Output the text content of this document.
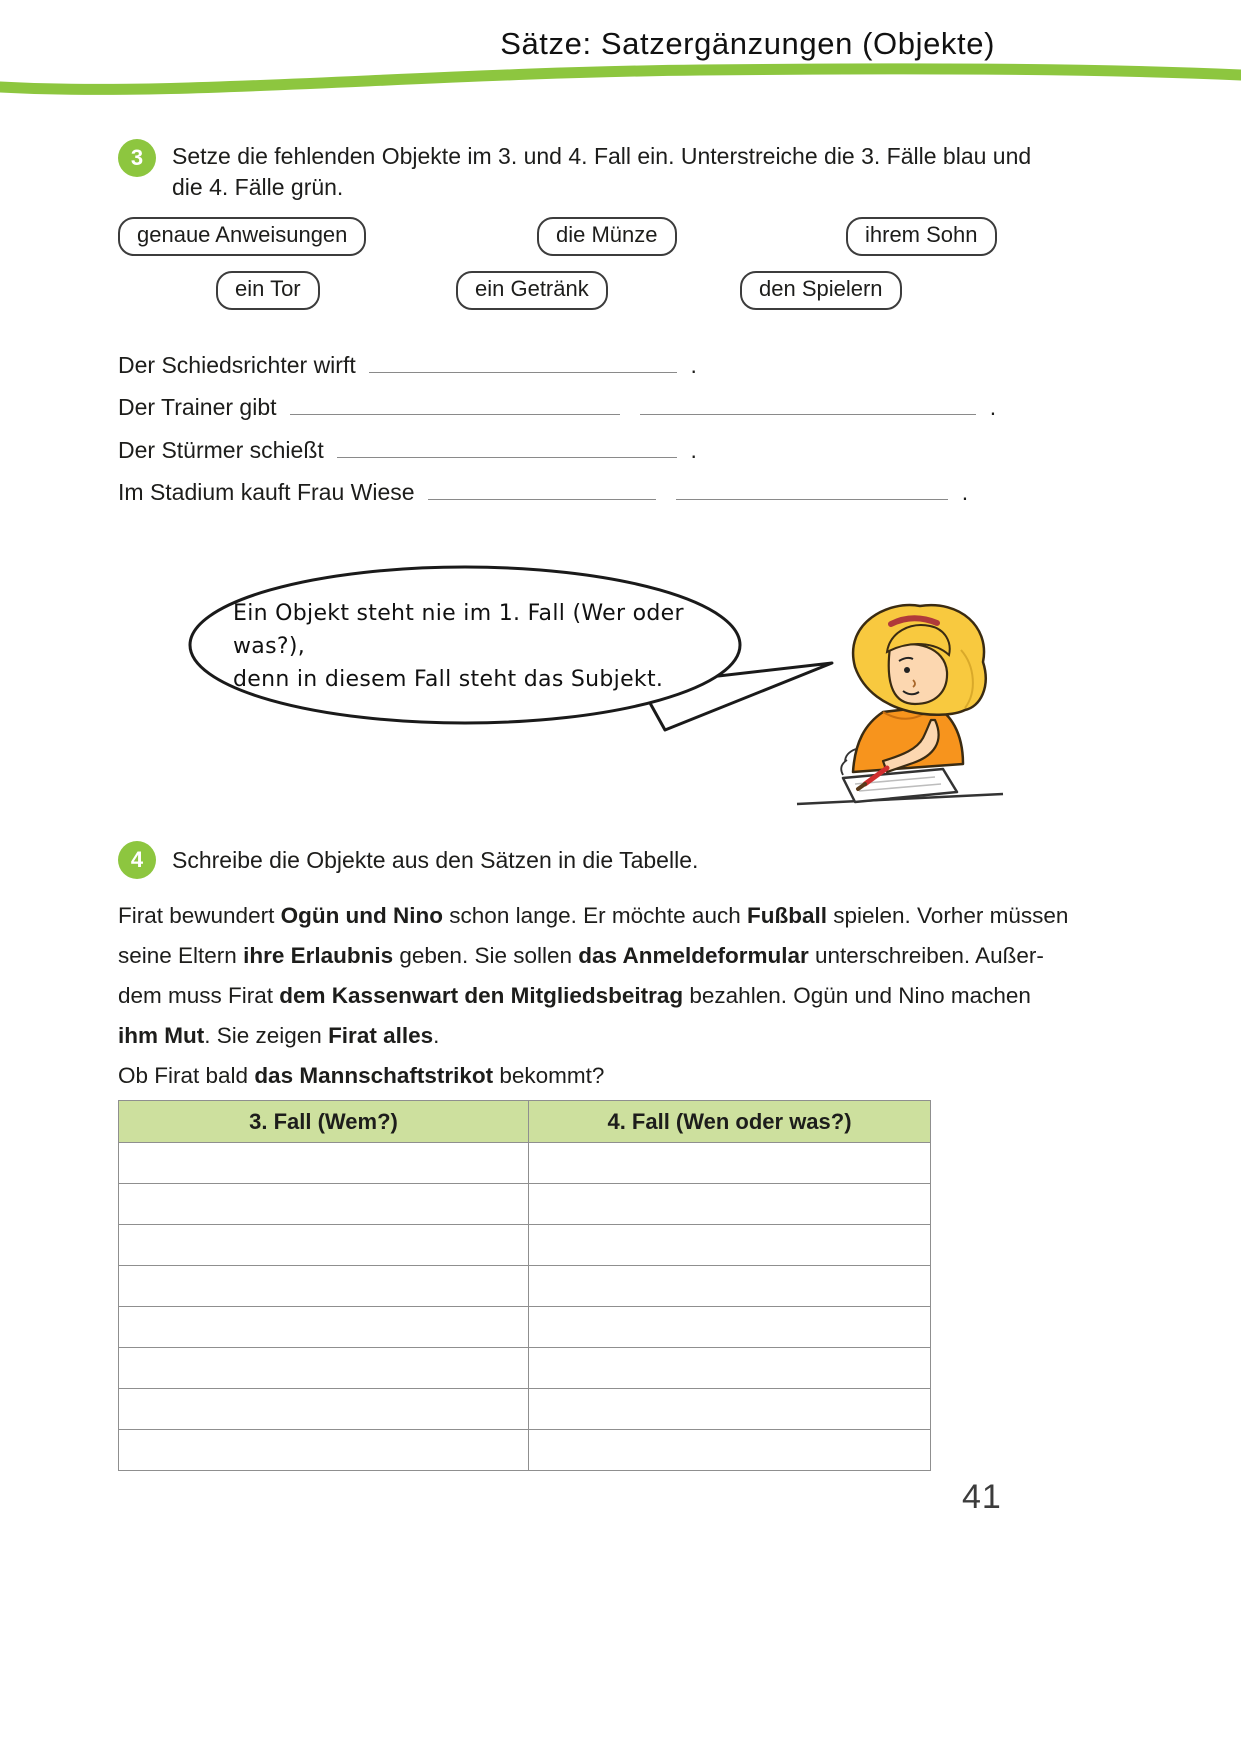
Sätze: Satzergänzungen (Objekte)
3 Setze die fehlenden Objekte im 3. und 4. Fall ein. Unterstreiche die 3. Fälle blau und
die 4. Fälle grün.
genaue Anweisungen	die Münze	ihrem Sohn
ein Tor	ein Getränk	den Spielern
Der Schiedsrichter wirft	.
Der Trainer gibt	.
Der Stürmer schießt	.
Im Stadium kauft Frau Wiese	.
Ein Objekt steht nie im 1. Fall (Wer oder was?),
denn in diesem Fall steht das Subjekt.
4 Schreibe die Objekte aus den Sätzen in die Tabelle.
Firat bewundert Ogün und Nino schon lange. Er möchte auch Fußball spielen. Vorher müssen
seine Eltern ihre Erlaubnis geben. Sie sollen das Anmeldeformular unterschreiben. Außer-
dem muss Firat dem Kassenwart den Mitgliedsbeitrag bezahlen. Ogün und Nino machen
ihm Mut. Sie zeigen Firat alles.
Ob Firat bald das Mannschaftstrikot bekommt?
3. Fall (Wem?)	4. Fall (Wen oder was?)

41
